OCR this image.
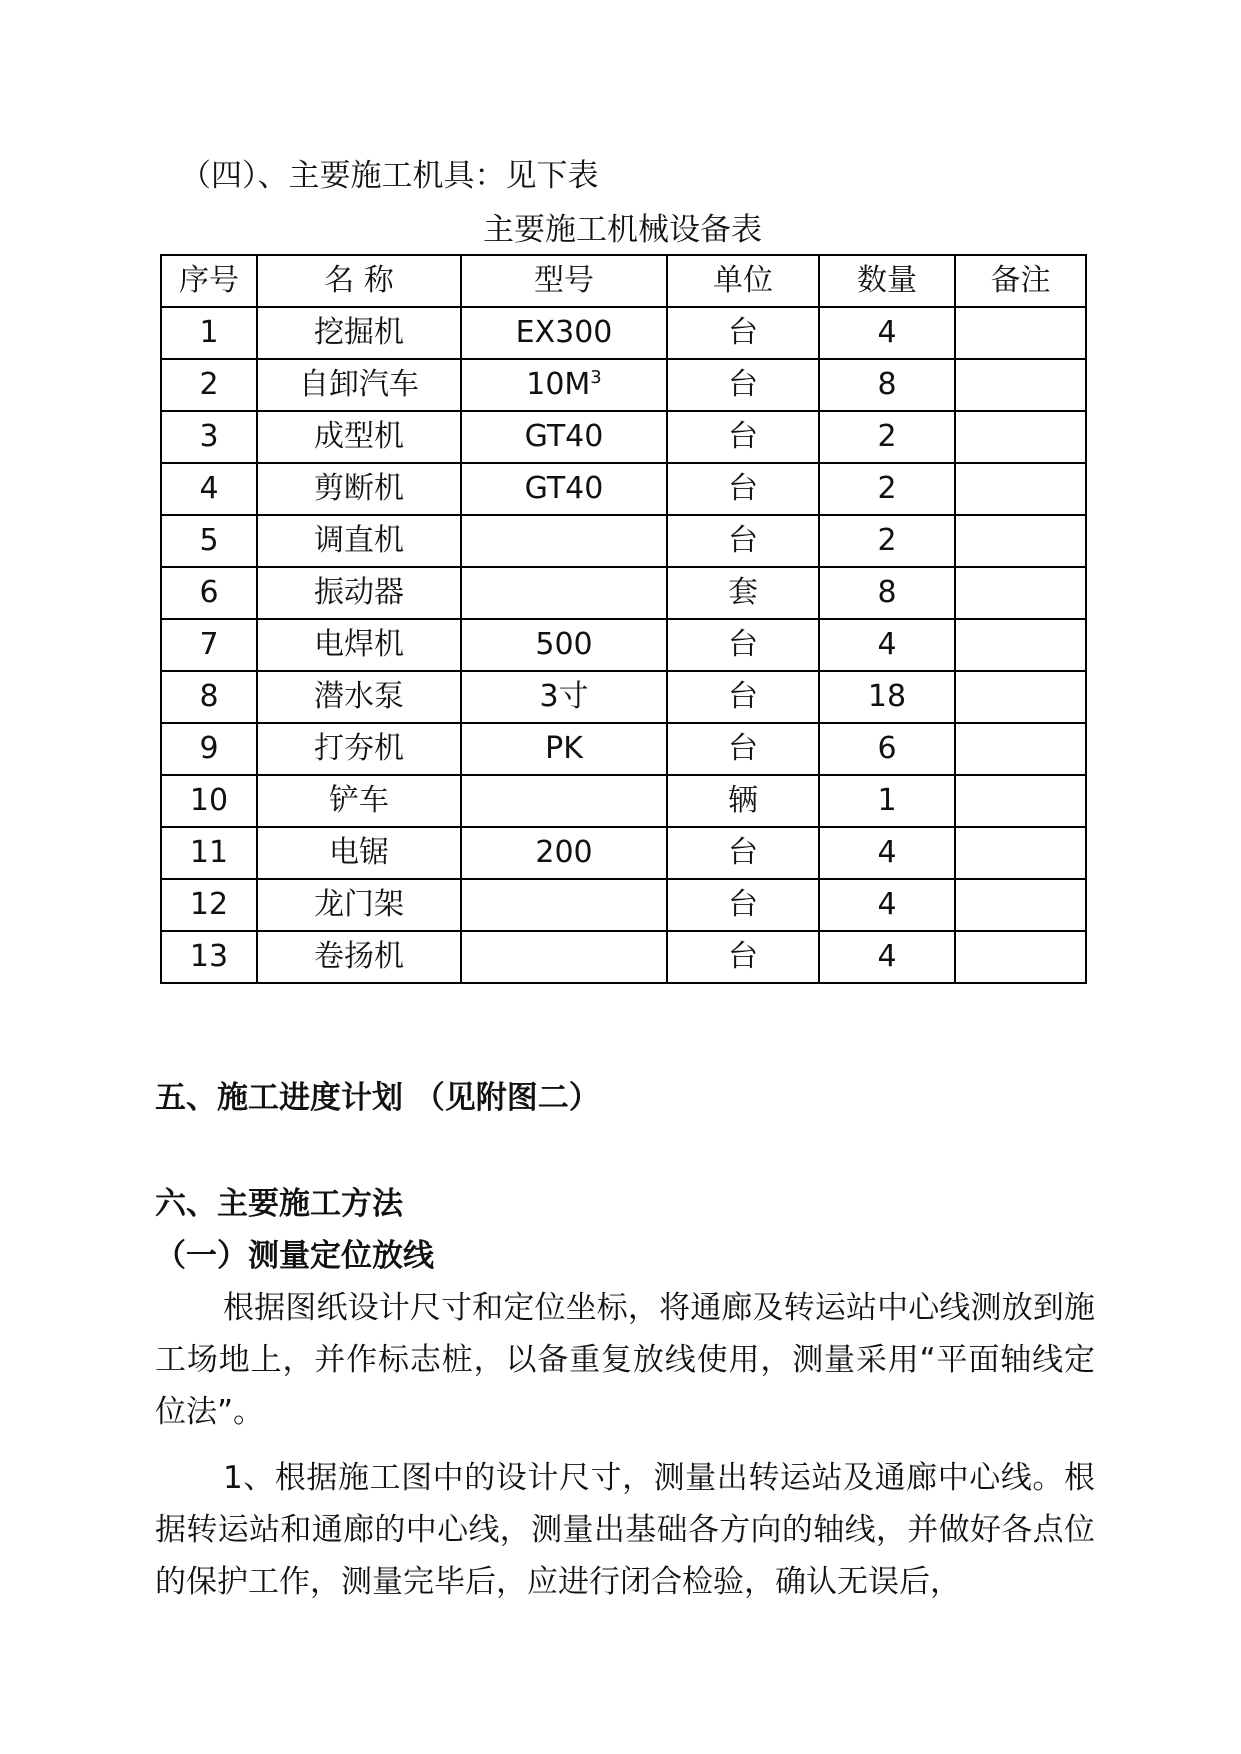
（四）、主要施工机具：见下表
主要施工机械设备表
序号	名 称	型号	单位	数量	备注
1	挖掘机	EX300	台	4	
2	自卸汽车	$10M^3$	台	8	
3	成型机	GT40	台	2	
4	剪断机	GT40	台	2	
5	调直机		台	2	
6	振动器		套	8	
7	电焊机	500	台	4	
8	潜水泵	3寸	台	18	
9	打夯机	PK	台	6	
10	铲车		辆	1	
11	电锯	200	台	4	
12	龙门架		台	4	
13	卷扬机		台	4	
五、施工进度计划 （见附图二）
六、主要施工方法
（一）测量定位放线
根据图纸设计尺寸和定位坐标，将通廊及转运站中心线测放到施工场地上，并作标志桩，以备重复放线使用，测量采用“平面轴线定位法”。
1、根据施工图中的设计尺寸，测量出转运站及通廊中心线。根据转运站和通廊的中心线，测量出基础各方向的轴线，并做好各点位的保护工作，测量完毕后，应进行闭合检验，确认无误后，
